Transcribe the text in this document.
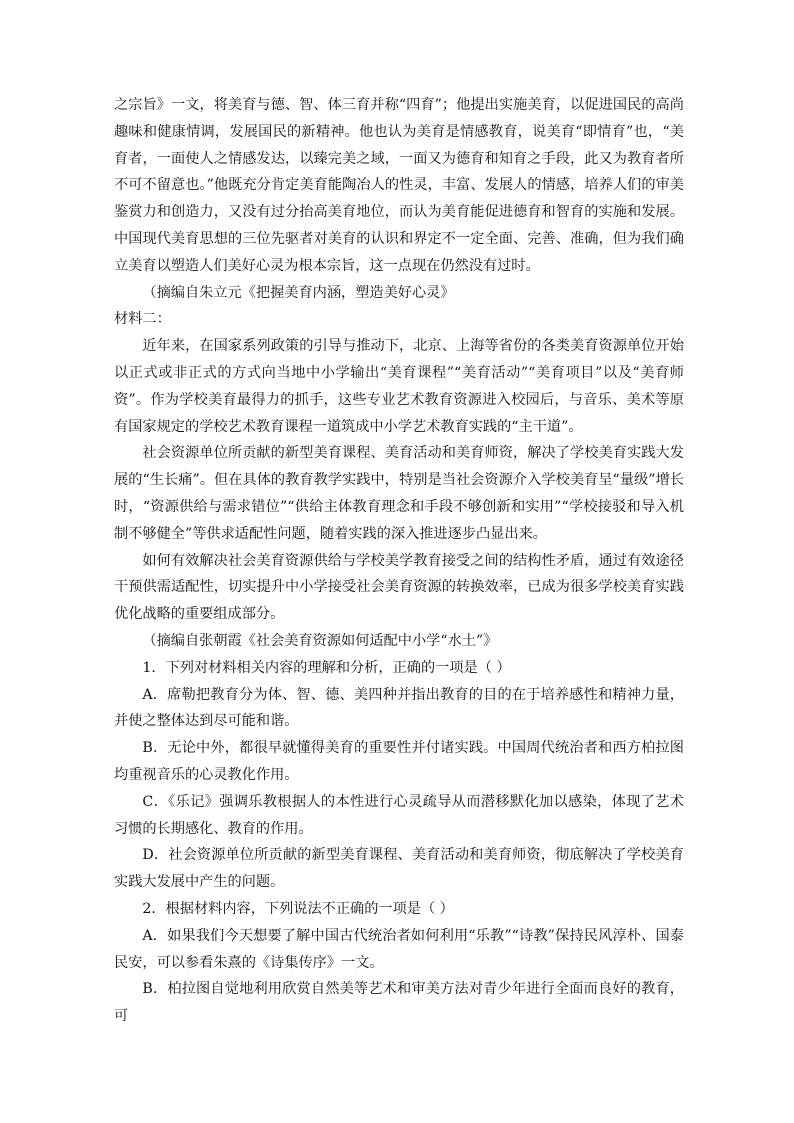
之宗旨》一文，将美育与德、智、体三育并称“四育”；他提出实施美育，以促进国民的高尚趣味和健康情调，发展国民的新精神。他也认为美育是情感教育，说美育“即情育”也，“美育者，一面使人之情感发达，以臻完美之域，一面又为德育和知育之手段，此又为教育者所不可不留意也。”他既充分肯定美育能陶冶人的性灵，丰富、发展人的情感，培养人们的审美鉴赏力和创造力，又没有过分抬高美育地位，而认为美育能促进德育和智育的实施和发展。中国现代美育思想的三位先驱者对美育的认识和界定不一定全面、完善、准确，但为我们确立美育以塑造人们美好心灵为根本宗旨，这一点现在仍然没有过时。

（摘编自朱立元《把握美育内涵，塑造美好心灵》

材料二：

近年来，在国家系列政策的引导与推动下，北京、上海等省份的各类美育资源单位开始以正式或非正式的方式向当地中小学输出“美育课程”“美育活动”“美育项目”以及“美育师资”。作为学校美育最得力的抓手，这些专业艺术教育资源进入校园后，与音乐、美术等原有国家规定的学校艺术教育课程一道筑成中小学艺术教育实践的“主干道”。

社会资源单位所贡献的新型美育课程、美育活动和美育师资，解决了学校美育实践大发展的“生长痛”。但在具体的教育教学实践中，特别是当社会资源介入学校美育呈“量级”增长时，“资源供给与需求错位”“供给主体教育理念和手段不够创新和实用”“学校接驳和导入机制不够健全”等供求适配性问题，随着实践的深入推进逐步凸显出来。

如何有效解决社会美育资源供给与学校美学教育接受之间的结构性矛盾，通过有效途径干预供需适配性，切实提升中小学接受社会美育资源的转换效率，已成为很多学校美育实践优化战略的重要组成部分。

（摘编自张朝霞《社会美育资源如何适配中小学“水土”》

1．下列对材料相关内容的理解和分析，正确的一项是（ ）

A．席勒把教育分为体、智、德、美四种并指出教育的目的在于培养感性和精神力量，并使之整体达到尽可能和谐。

B．无论中外，都很早就懂得美育的重要性并付诸实践。中国周代统治者和西方柏拉图均重视音乐的心灵教化作用。

C．《乐记》强调乐教根据人的本性进行心灵疏导从而潜移默化加以感染，体现了艺术习惯的长期感化、教育的作用。

D．社会资源单位所贡献的新型美育课程、美育活动和美育师资，彻底解决了学校美育实践大发展中产生的问题。

2．根据材料内容，下列说法不正确的一项是（ ）

A．如果我们今天想要了解中国古代统治者如何利用“乐教”“诗教”保持民风淳朴、国泰民安，可以参看朱熹的《诗集传序》一文。

B．柏拉图自觉地利用欣赏自然美等艺术和审美方法对青少年进行全面而良好的教育，可
